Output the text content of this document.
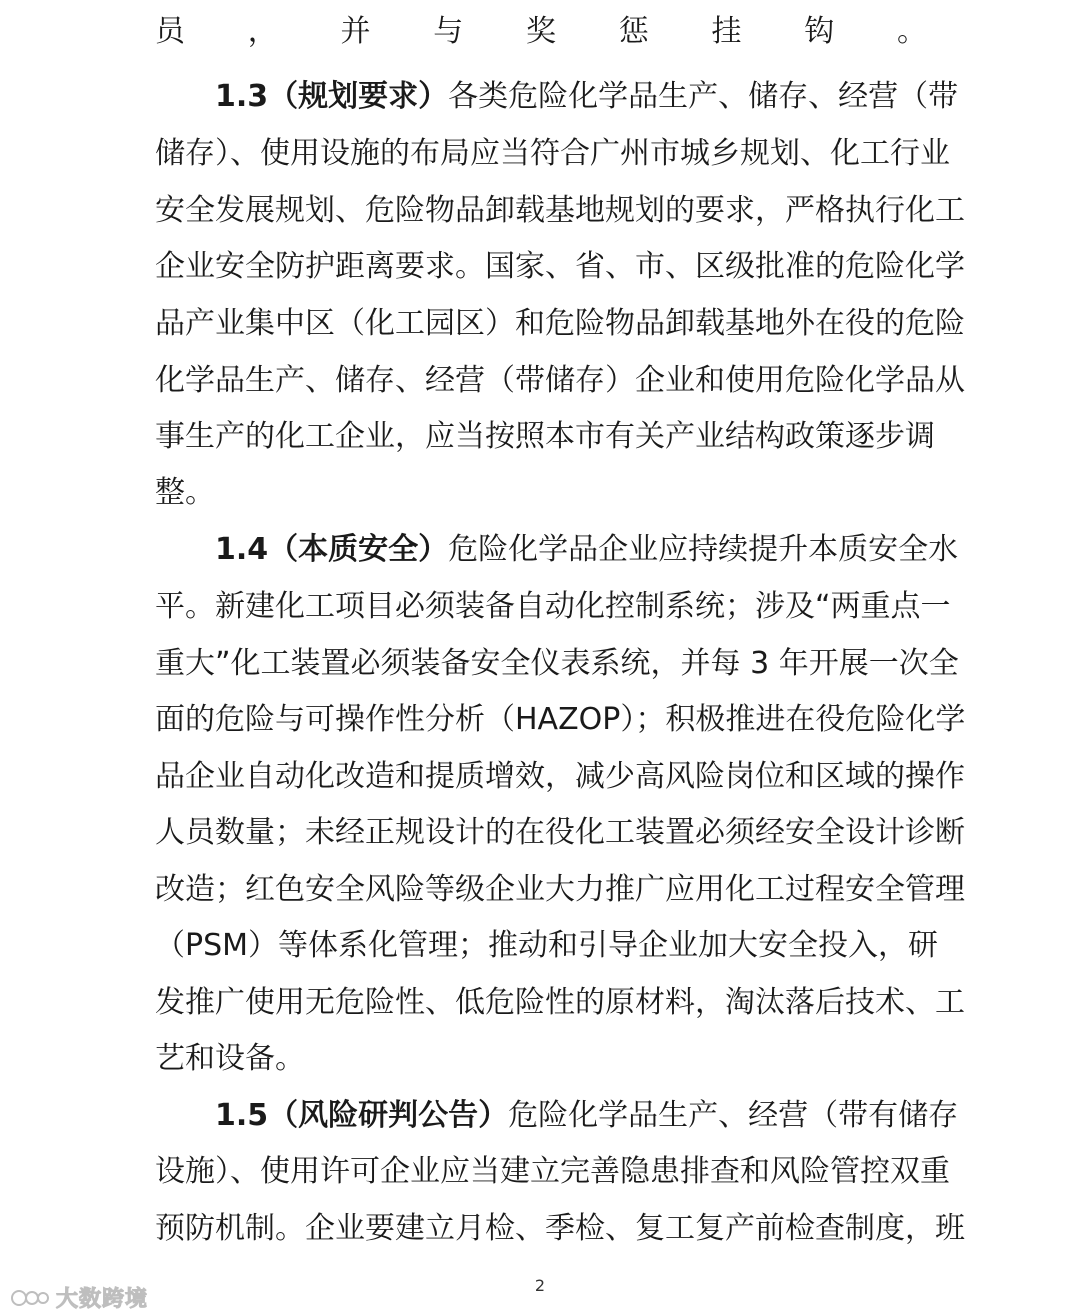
员，并与奖惩挂钩。
1.3（规划要求）各类危险化学品生产、储存、经营（带
储存）、使用设施的布局应当符合广州市城乡规划、化工行业
安全发展规划、危险物品卸载基地规划的要求，严格执行化工
企业安全防护距离要求。国家、省、市、区级批准的危险化学
品产业集中区（化工园区）和危险物品卸载基地外在役的危险
化学品生产、储存、经营（带储存）企业和使用危险化学品从
事生产的化工企业，应当按照本市有关产业结构政策逐步调
整。
1.4（本质安全）危险化学品企业应持续提升本质安全水
平。新建化工项目必须装备自动化控制系统；涉及“两重点一
重大”化工装置必须装备安全仪表系统，并每 3 年开展一次全
面的危险与可操作性分析（HAZOP）；积极推进在役危险化学
品企业自动化改造和提质增效，减少高风险岗位和区域的操作
人员数量；未经正规设计的在役化工装置必须经安全设计诊断
改造；红色安全风险等级企业大力推广应用化工过程安全管理
（PSM）等体系化管理；推动和引导企业加大安全投入，研
发推广使用无危险性、低危险性的原材料，淘汰落后技术、工
艺和设备。
1.5（风险研判公告）危险化学品生产、经营（带有储存
设施）、使用许可企业应当建立完善隐患排查和风险管控双重
预防机制。企业要建立月检、季检、复工复产前检查制度，班
2
大数跨境
